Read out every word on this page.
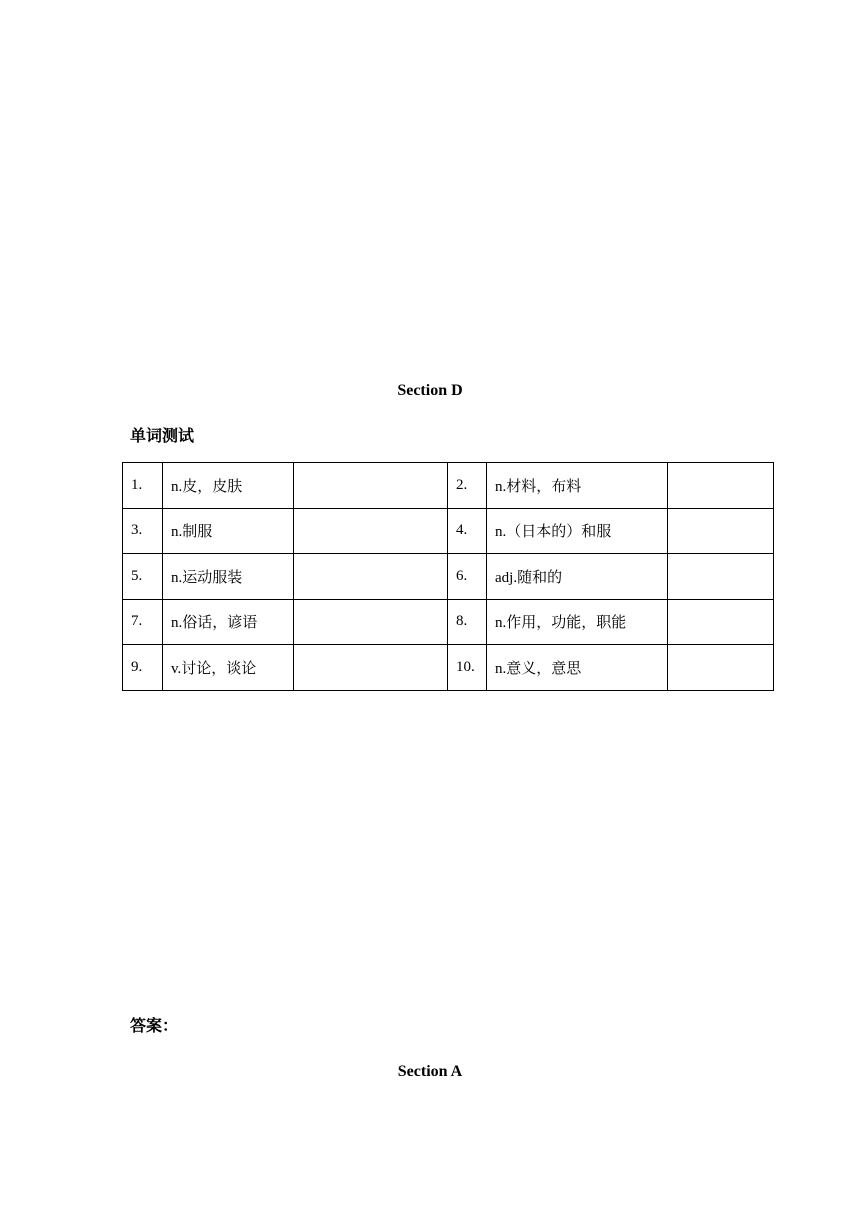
Section D
单词测试
1.	n.皮，皮肤		2.	n.材料，布料	
3.	n.制服		4.	n.（日本的）和服	
5.	n.运动服装		6.	adj.随和的	
7.	n.俗话，谚语		8.	n.作用，功能，职能	
9.	v.讨论，谈论		10.	n.意义，意思	
答案：
Section A
